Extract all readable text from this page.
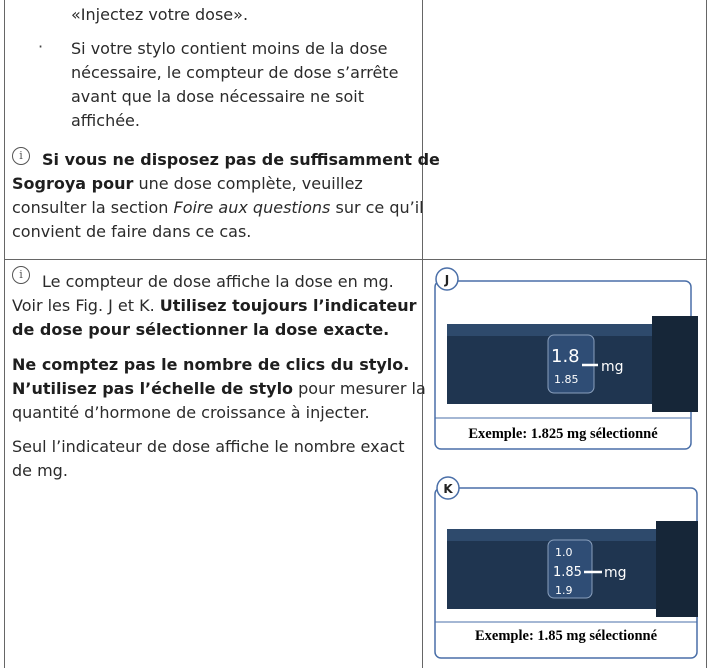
«Injectez votre dose».
· Si votre stylo contient moins de la dose
nécessaire, le compteur de dose s’arrête
avant que la dose nécessaire ne soit
affichée.
i	Si vous ne disposez pas de suffisamment de
Sogroya pour une dose complète, veuillez
consulter la section Foire aux questions sur ce qu’il
convient de faire dans ce cas.
i	Le compteur de dose affiche la dose en mg.
Voir les Fig. J et K. Utilisez toujours l’indicateur
de dose pour sélectionner la dose exacte.
Ne comptez pas le nombre de clics du stylo.
N’utilisez pas l’échelle de stylo pour mesurer la
quantité d’hormone de croissance à injecter.
Seul l’indicateur de dose affiche le nombre exact
de mg.
1.8
1.85
mg
Exemple: 1.825 mg sélectionné
J
1.0
1.85
1.9
mg
Exemple: 1.85 mg sélectionné
K
